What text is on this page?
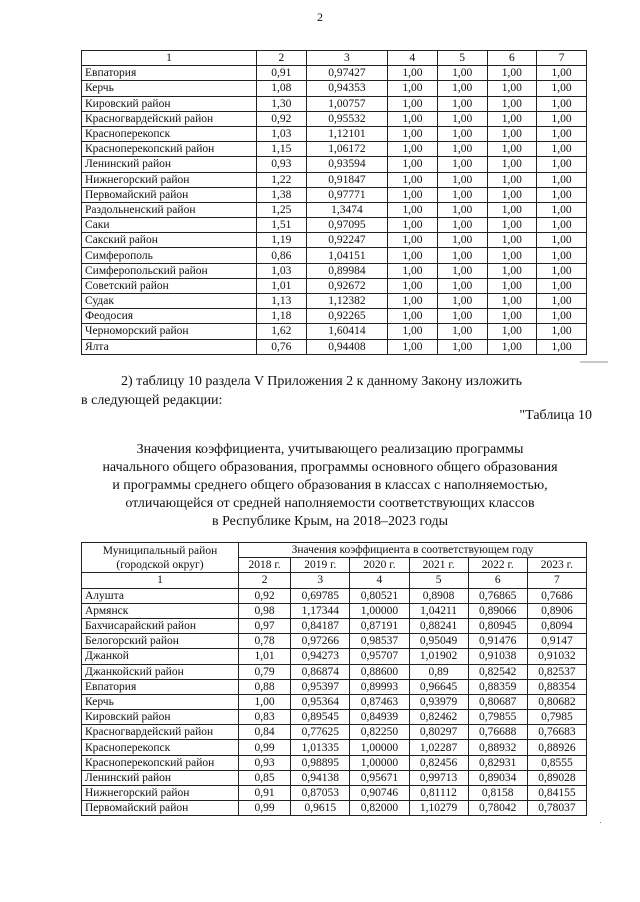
2
1	2	3	4	5	6	7
Евпатория	0,91	0,97427	1,00	1,00	1,00	1,00
Керчь	1,08	0,94353	1,00	1,00	1,00	1,00
Кировский район	1,30	1,00757	1,00	1,00	1,00	1,00
Красногвардейский район	0,92	0,95532	1,00	1,00	1,00	1,00
Красноперекопск	1,03	1,12101	1,00	1,00	1,00	1,00
Красноперекопский район	1,15	1,06172	1,00	1,00	1,00	1,00
Ленинский район	0,93	0,93594	1,00	1,00	1,00	1,00
Нижнегорский район	1,22	0,91847	1,00	1,00	1,00	1,00
Первомайский район	1,38	0,97771	1,00	1,00	1,00	1,00
Раздольненский район	1,25	1,3474	1,00	1,00	1,00	1,00
Саки	1,51	0,97095	1,00	1,00	1,00	1,00
Сакский район	1,19	0,92247	1,00	1,00	1,00	1,00
Симферополь	0,86	1,04151	1,00	1,00	1,00	1,00
Симферопольский район	1,03	0,89984	1,00	1,00	1,00	1,00
Советский район	1,01	0,92672	1,00	1,00	1,00	1,00
Судак	1,13	1,12382	1,00	1,00	1,00	1,00
Феодосия	1,18	0,92265	1,00	1,00	1,00	1,00
Черноморский район	1,62	1,60414	1,00	1,00	1,00	1,00
Ялта	0,76	0,94408	1,00	1,00	1,00	1,00
2) таблицу 10 раздела V Приложения 2 к данному Закону изложить
в следующей редакции:
"Таблица 10
Значения коэффициента, учитывающего реализацию программы
начального общего образования, программы основного общего образования
и программы среднего общего образования в классах с наполняемостью,
отличающейся от средней наполняемости соответствующих классов
в Республике Крым, на 2018–2023 годы
Муниципальный район (городской округ)	Значения коэффициента в соответствующем году					
	2018 г.	2019 г.	2020 г.	2021 г.	2022 г.	2023 г.
1	2	3	4	5	6	7
Алушта	0,92	0,69785	0,80521	0,8908	0,76865	0,7686
Армянск	0,98	1,17344	1,00000	1,04211	0,89066	0,8906
Бахчисарайский район	0,97	0,84187	0,87191	0,88241	0,80945	0,8094
Белогорский район	0,78	0,97266	0,98537	0,95049	0,91476	0,9147
Джанкой	1,01	0,94273	0,95707	1,01902	0,91038	0,91032
Джанкойский район	0,79	0,86874	0,88600	0,89	0,82542	0,82537
Евпатория	0,88	0,95397	0,89993	0,96645	0,88359	0,88354
Керчь	1,00	0,95364	0,87463	0,93979	0,80687	0,80682
Кировский район	0,83	0,89545	0,84939	0,82462	0,79855	0,7985
Красногвардейский район	0,84	0,77625	0,82250	0,80297	0,76688	0,76683
Красноперекопск	0,99	1,01335	1,00000	1,02287	0,88932	0,88926
Красноперекопский район	0,93	0,98895	1,00000	0,82456	0,82931	0,8555
Ленинский район	0,85	0,94138	0,95671	0,99713	0,89034	0,89028
Нижнегорский район	0,91	0,87053	0,90746	0,81112	0,8158	0,84155
Первомайский район	0,99	0,9615	0,82000	1,10279	0,78042	0,78037
